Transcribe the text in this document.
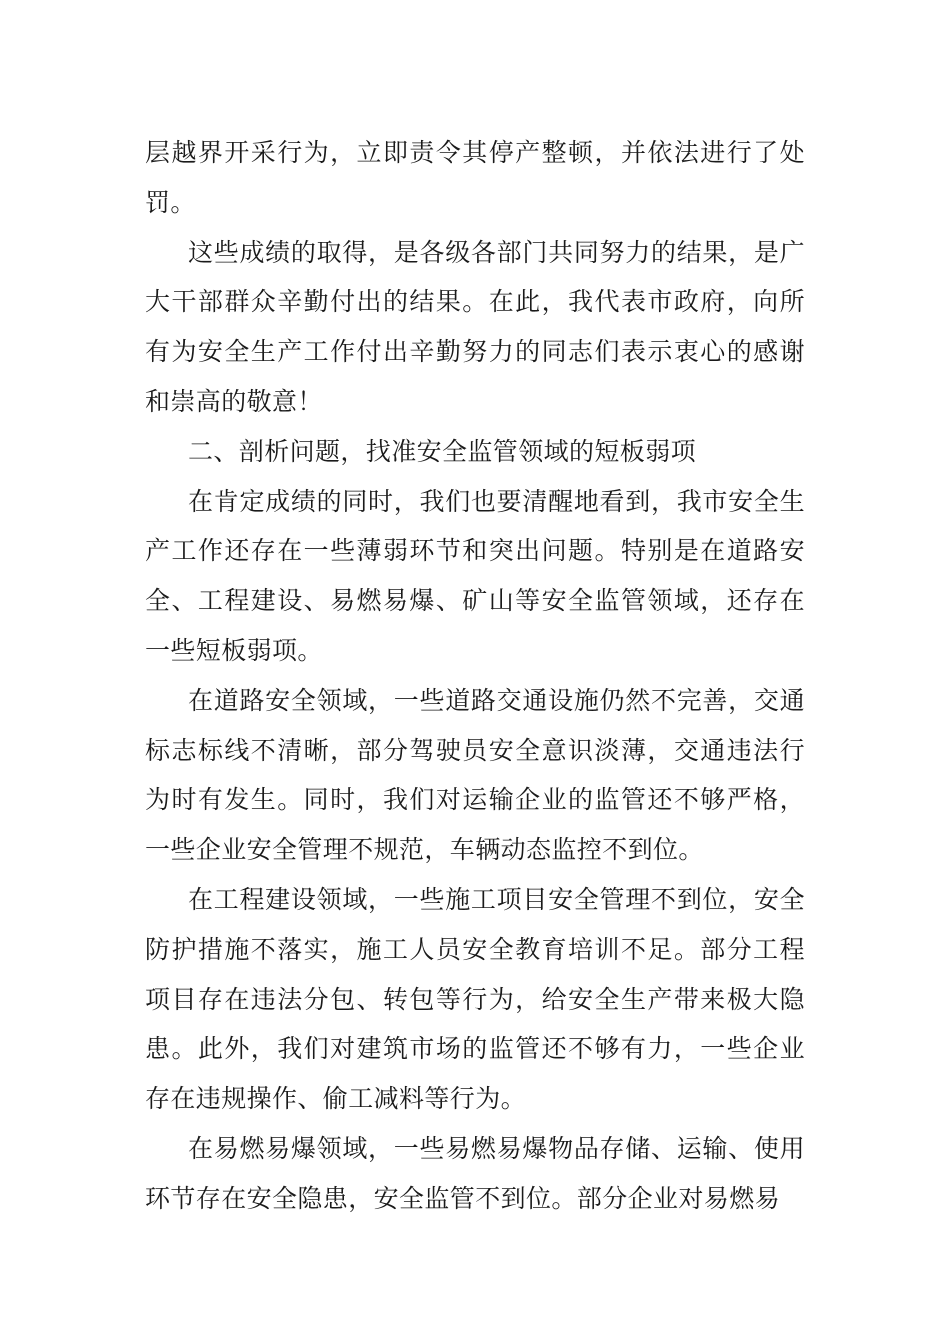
层越界开采行为，立即责令其停产整顿，并依法进行了处罚。

这些成绩的取得，是各级各部门共同努力的结果，是广大干部群众辛勤付出的结果。在此，我代表市政府，向所有为安全生产工作付出辛勤努力的同志们表示衷心的感谢和崇高的敬意！

二、剖析问题，找准安全监管领域的短板弱项

在肯定成绩的同时，我们也要清醒地看到，我市安全生产工作还存在一些薄弱环节和突出问题。特别是在道路安全、工程建设、易燃易爆、矿山等安全监管领域，还存在一些短板弱项。

在道路安全领域，一些道路交通设施仍然不完善，交通标志标线不清晰，部分驾驶员安全意识淡薄，交通违法行为时有发生。同时，我们对运输企业的监管还不够严格，一些企业安全管理不规范，车辆动态监控不到位。

在工程建设领域，一些施工项目安全管理不到位，安全防护措施不落实，施工人员安全教育培训不足。部分工程项目存在违法分包、转包等行为，给安全生产带来极大隐患。此外，我们对建筑市场的监管还不够有力，一些企业存在违规操作、偷工减料等行为。

在易燃易爆领域，一些易燃易爆物品存储、运输、使用环节存在安全隐患，安全监管不到位。部分企业对易燃易
